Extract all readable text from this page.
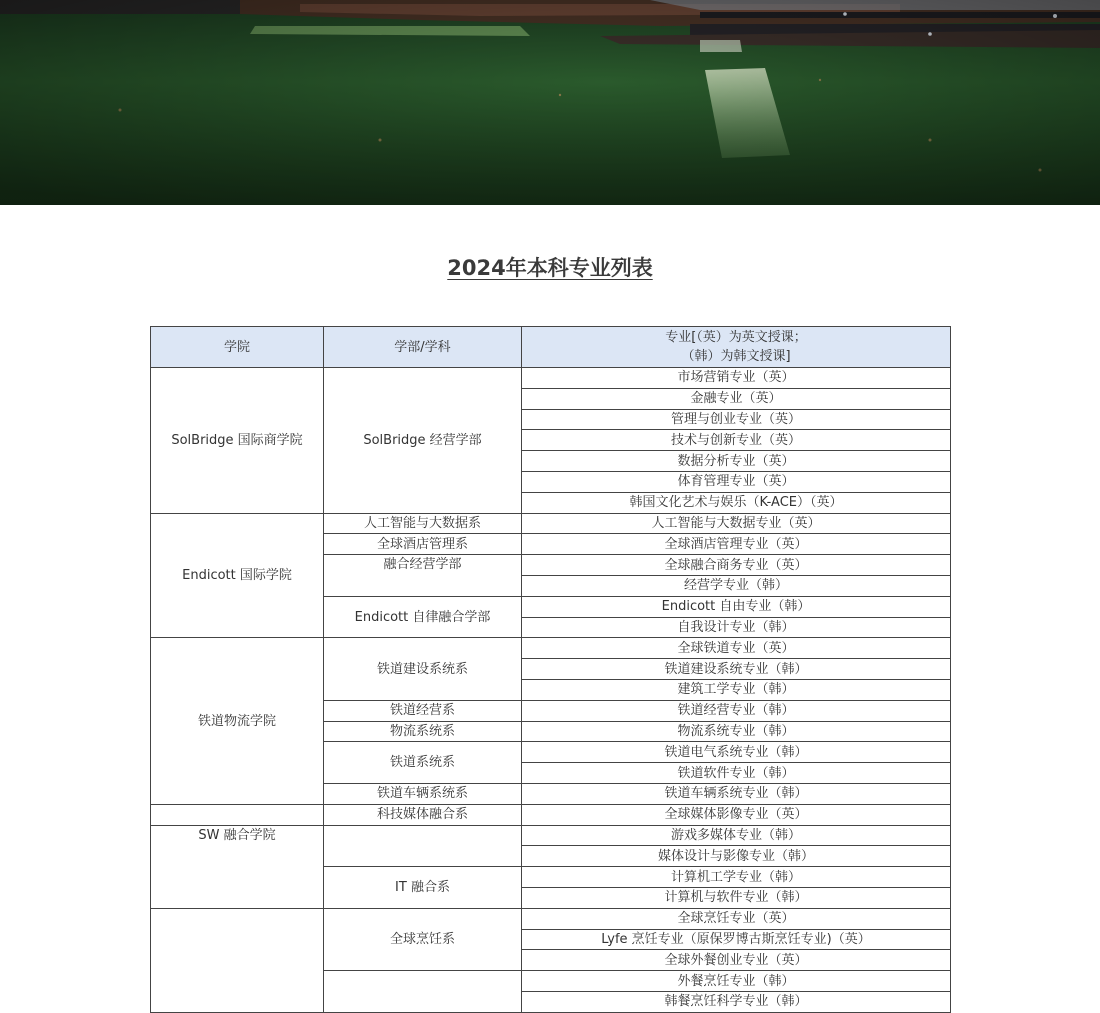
2024年本科专业列表
学院	学部/学科	专业[（英）为英文授课；
（韩）为韩文授课]

SolBridge 国际商学院	SolBridge 经营学部	市场营销专业（英）
		金融专业（英）
		管理与创业专业（英）
		技术与创新专业（英）
		数据分析专业（英）
		体育管理专业（英）
		韩国文化艺术与娱乐（K-ACE）（英）
Endicott 国际学院	人工智能与大数据系	人工智能与大数据专业（英）
	全球酒店管理系	全球酒店管理专业（英）
	融合经营学部	全球融合商务专业（英）
		经营学专业（韩）
	Endicott 自律融合学部	Endicott 自由专业（韩）
		自我设计专业（韩）
铁道物流学院	铁道建设系统系	全球铁道专业（英）
		铁道建设系统专业（韩）
		建筑工学专业（韩）
	铁道经营系	铁道经营专业（韩）
	物流系统系	物流系统专业（韩）
	铁道系统系	铁道电气系统专业（韩）
		铁道软件专业（韩）
	铁道车辆系统系	铁道车辆系统专业（韩）
	科技媒体融合系	全球媒体影像专业（英）
SW 融合学院		游戏多媒体专业（韩）
		媒体设计与影像专业（韩）
	IT 融合系	计算机工学专业（韩）
		计算机与软件专业（韩）
	全球烹饪系	全球烹饪专业（英）
		Lyfe 烹饪专业（原保罗博古斯烹饪专业)（英）
		全球外餐创业专业（英）
		外餐烹饪专业（韩）
		韩餐烹饪科学专业（韩）
